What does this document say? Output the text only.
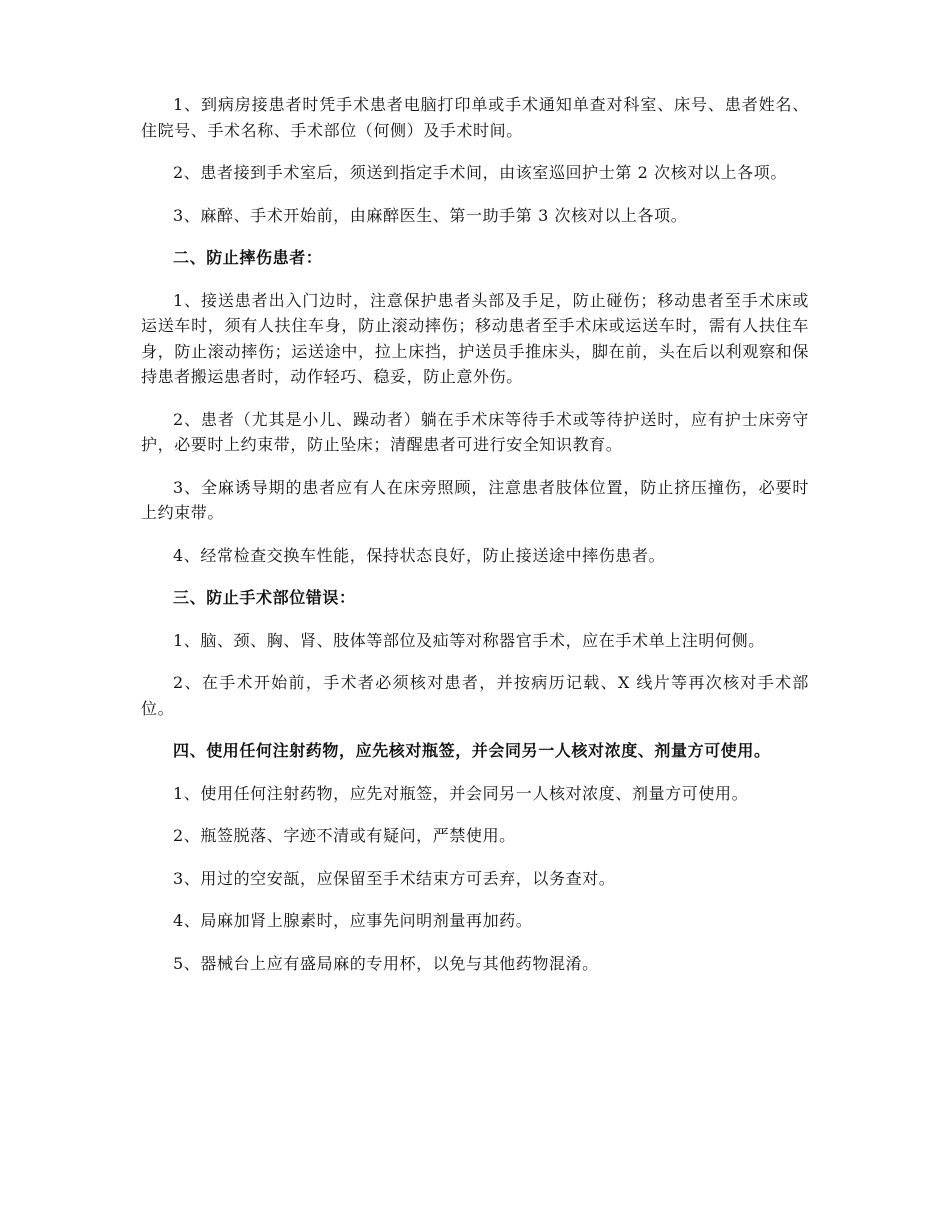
1、到病房接患者时凭手术患者电脑打印单或手术通知单查对科室、床号、患者姓名、住院号、手术名称、手术部位（何侧）及手术时间。

2、患者接到手术室后，须送到指定手术间，由该室巡回护士第 2 次核对以上各项。

3、麻醉、手术开始前，由麻醉医生、第一助手第 3 次核对以上各项。

二、防止摔伤患者：

1、接送患者出入门边时，注意保护患者头部及手足，防止碰伤；移动患者至手术床或运送车时，须有人扶住车身，防止滚动摔伤；移动患者至手术床或运送车时，需有人扶住车身，防止滚动摔伤；运送途中，拉上床挡，护送员手推床头，脚在前，头在后以利观察和保持患者搬运患者时，动作轻巧、稳妥，防止意外伤。

2、患者（尤其是小儿、躁动者）躺在手术床等待手术或等待护送时，应有护士床旁守护，必要时上约束带，防止坠床；清醒患者可进行安全知识教育。

3、全麻诱导期的患者应有人在床旁照顾，注意患者肢体位置，防止挤压撞伤，必要时上约束带。

4、经常检查交换车性能，保持状态良好，防止接送途中摔伤患者。

三、防止手术部位错误：

1、脑、颈、胸、肾、肢体等部位及疝等对称器官手术，应在手术单上注明何侧。

2、在手术开始前，手术者必须核对患者，并按病历记载、X 线片等再次核对手术部位。

四、使用任何注射药物，应先核对瓶签，并会同另一人核对浓度、剂量方可使用。

1、使用任何注射药物，应先对瓶签，并会同另一人核对浓度、剂量方可使用。

2、瓶签脱落、字迹不清或有疑问，严禁使用。

3、用过的空安瓿，应保留至手术结束方可丢弃，以务查对。

4、局麻加肾上腺素时，应事先问明剂量再加药。

5、器械台上应有盛局麻的专用杯，以免与其他药物混淆。
